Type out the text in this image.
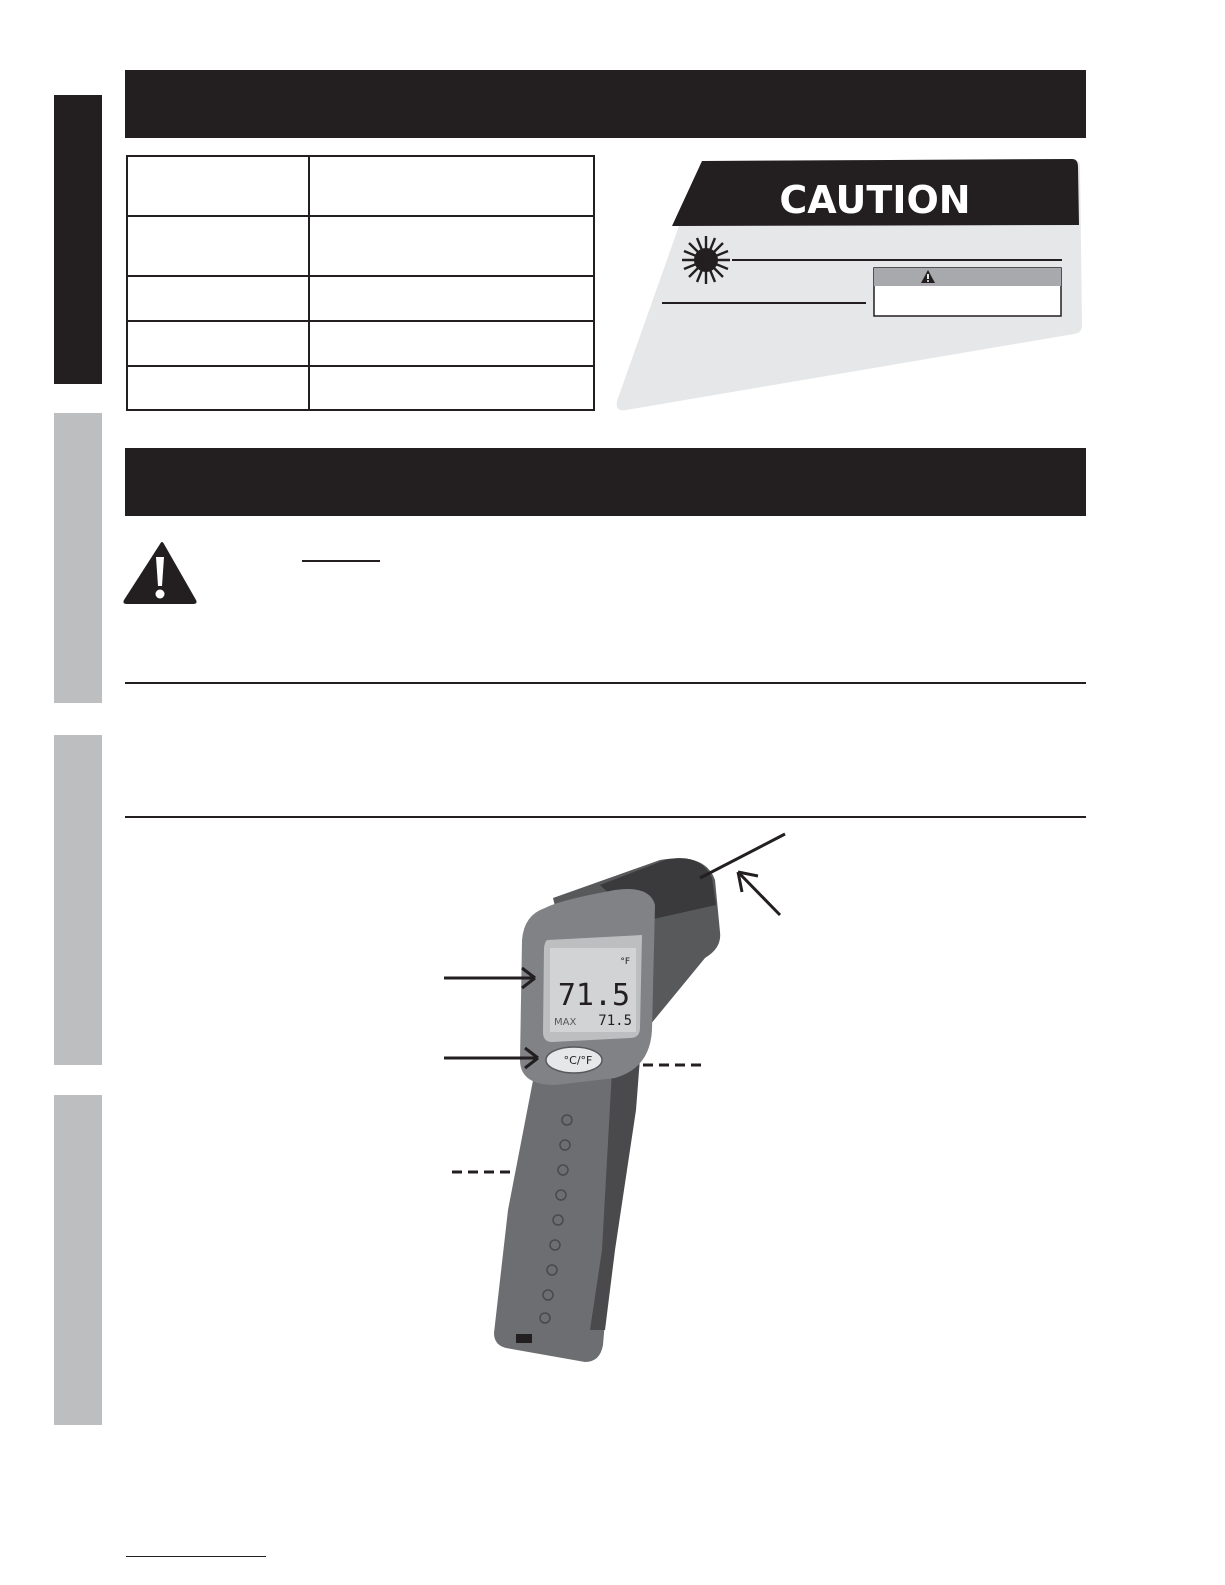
CAUTION
71.5
°F
MAX 71.5
°C/°F
